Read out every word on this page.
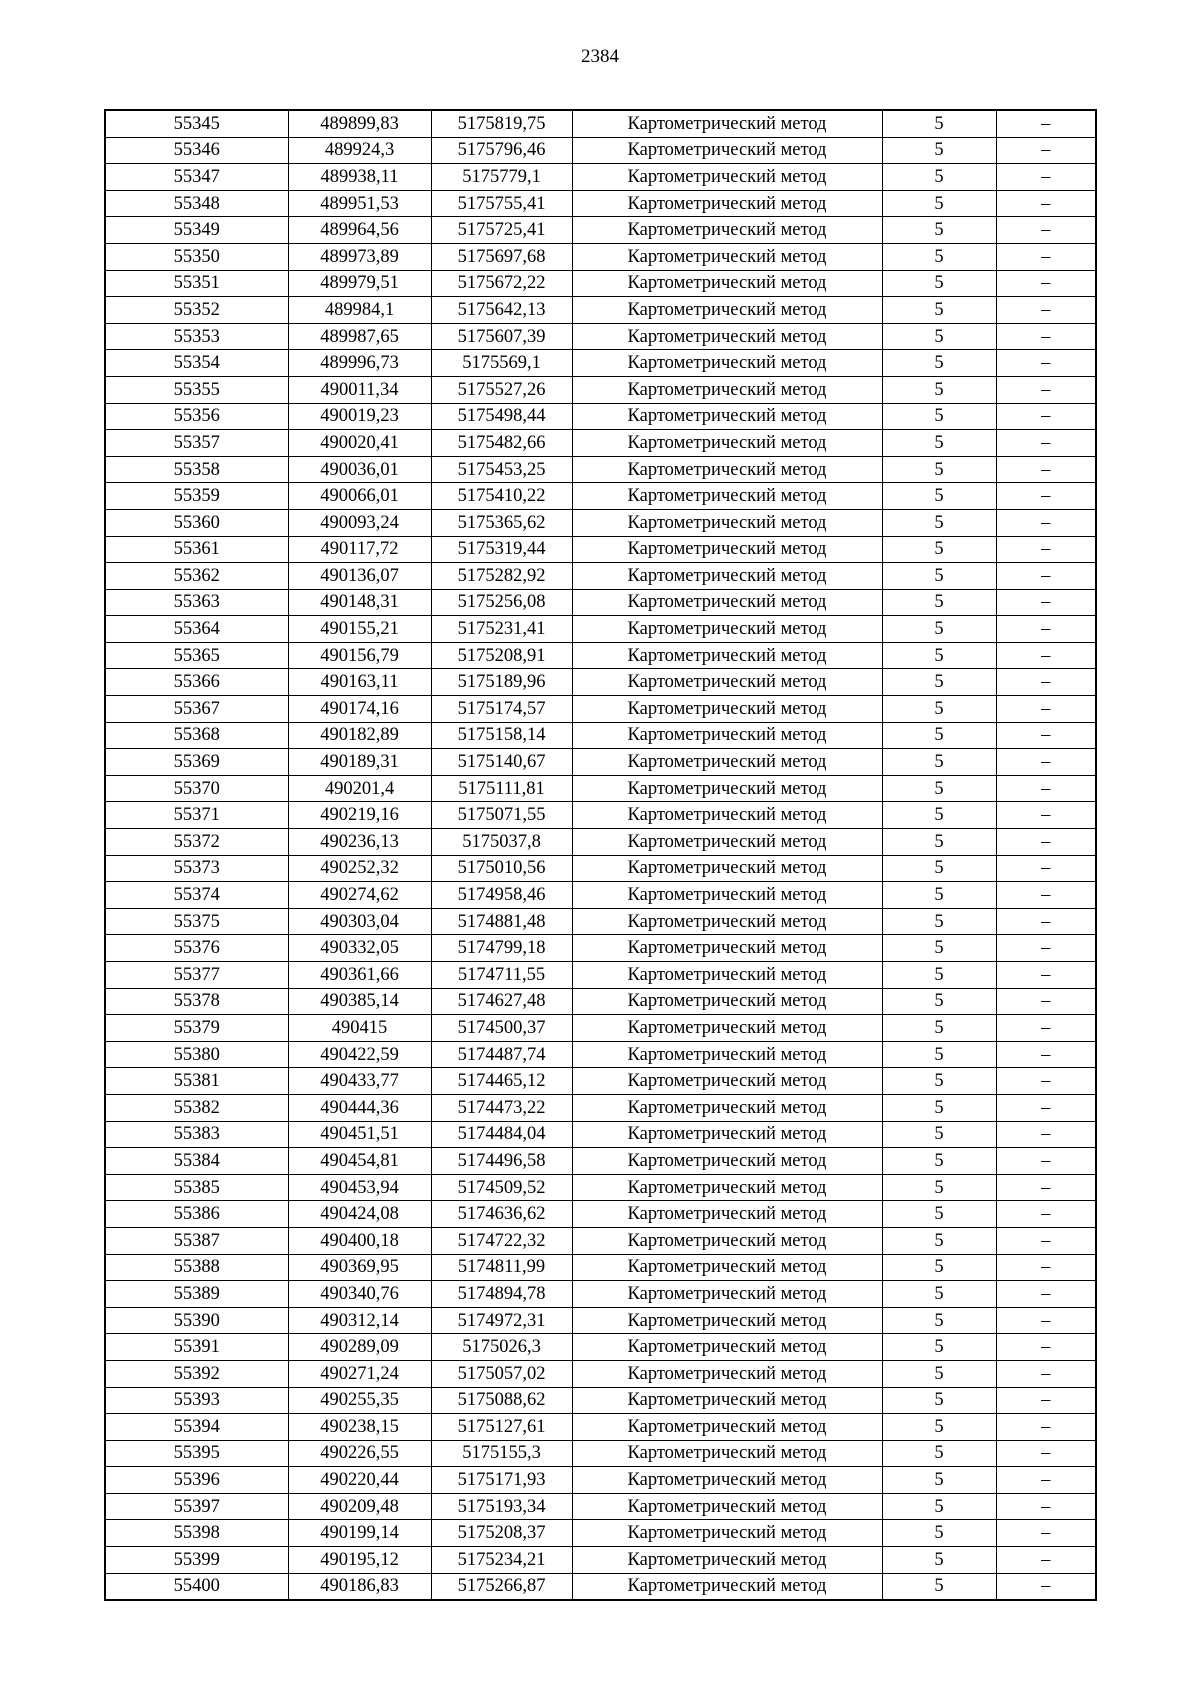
2384
55345	489899,83	5175819,75	Картометрический метод	5	–
55346	489924,3	5175796,46	Картометрический метод	5	–
55347	489938,11	5175779,1	Картометрический метод	5	–
55348	489951,53	5175755,41	Картометрический метод	5	–
55349	489964,56	5175725,41	Картометрический метод	5	–
55350	489973,89	5175697,68	Картометрический метод	5	–
55351	489979,51	5175672,22	Картометрический метод	5	–
55352	489984,1	5175642,13	Картометрический метод	5	–
55353	489987,65	5175607,39	Картометрический метод	5	–
55354	489996,73	5175569,1	Картометрический метод	5	–
55355	490011,34	5175527,26	Картометрический метод	5	–
55356	490019,23	5175498,44	Картометрический метод	5	–
55357	490020,41	5175482,66	Картометрический метод	5	–
55358	490036,01	5175453,25	Картометрический метод	5	–
55359	490066,01	5175410,22	Картометрический метод	5	–
55360	490093,24	5175365,62	Картометрический метод	5	–
55361	490117,72	5175319,44	Картометрический метод	5	–
55362	490136,07	5175282,92	Картометрический метод	5	–
55363	490148,31	5175256,08	Картометрический метод	5	–
55364	490155,21	5175231,41	Картометрический метод	5	–
55365	490156,79	5175208,91	Картометрический метод	5	–
55366	490163,11	5175189,96	Картометрический метод	5	–
55367	490174,16	5175174,57	Картометрический метод	5	–
55368	490182,89	5175158,14	Картометрический метод	5	–
55369	490189,31	5175140,67	Картометрический метод	5	–
55370	490201,4	5175111,81	Картометрический метод	5	–
55371	490219,16	5175071,55	Картометрический метод	5	–
55372	490236,13	5175037,8	Картометрический метод	5	–
55373	490252,32	5175010,56	Картометрический метод	5	–
55374	490274,62	5174958,46	Картометрический метод	5	–
55375	490303,04	5174881,48	Картометрический метод	5	–
55376	490332,05	5174799,18	Картометрический метод	5	–
55377	490361,66	5174711,55	Картометрический метод	5	–
55378	490385,14	5174627,48	Картометрический метод	5	–
55379	490415	5174500,37	Картометрический метод	5	–
55380	490422,59	5174487,74	Картометрический метод	5	–
55381	490433,77	5174465,12	Картометрический метод	5	–
55382	490444,36	5174473,22	Картометрический метод	5	–
55383	490451,51	5174484,04	Картометрический метод	5	–
55384	490454,81	5174496,58	Картометрический метод	5	–
55385	490453,94	5174509,52	Картометрический метод	5	–
55386	490424,08	5174636,62	Картометрический метод	5	–
55387	490400,18	5174722,32	Картометрический метод	5	–
55388	490369,95	5174811,99	Картометрический метод	5	–
55389	490340,76	5174894,78	Картометрический метод	5	–
55390	490312,14	5174972,31	Картометрический метод	5	–
55391	490289,09	5175026,3	Картометрический метод	5	–
55392	490271,24	5175057,02	Картометрический метод	5	–
55393	490255,35	5175088,62	Картометрический метод	5	–
55394	490238,15	5175127,61	Картометрический метод	5	–
55395	490226,55	5175155,3	Картометрический метод	5	–
55396	490220,44	5175171,93	Картометрический метод	5	–
55397	490209,48	5175193,34	Картометрический метод	5	–
55398	490199,14	5175208,37	Картометрический метод	5	–
55399	490195,12	5175234,21	Картометрический метод	5	–
55400	490186,83	5175266,87	Картометрический метод	5	–
